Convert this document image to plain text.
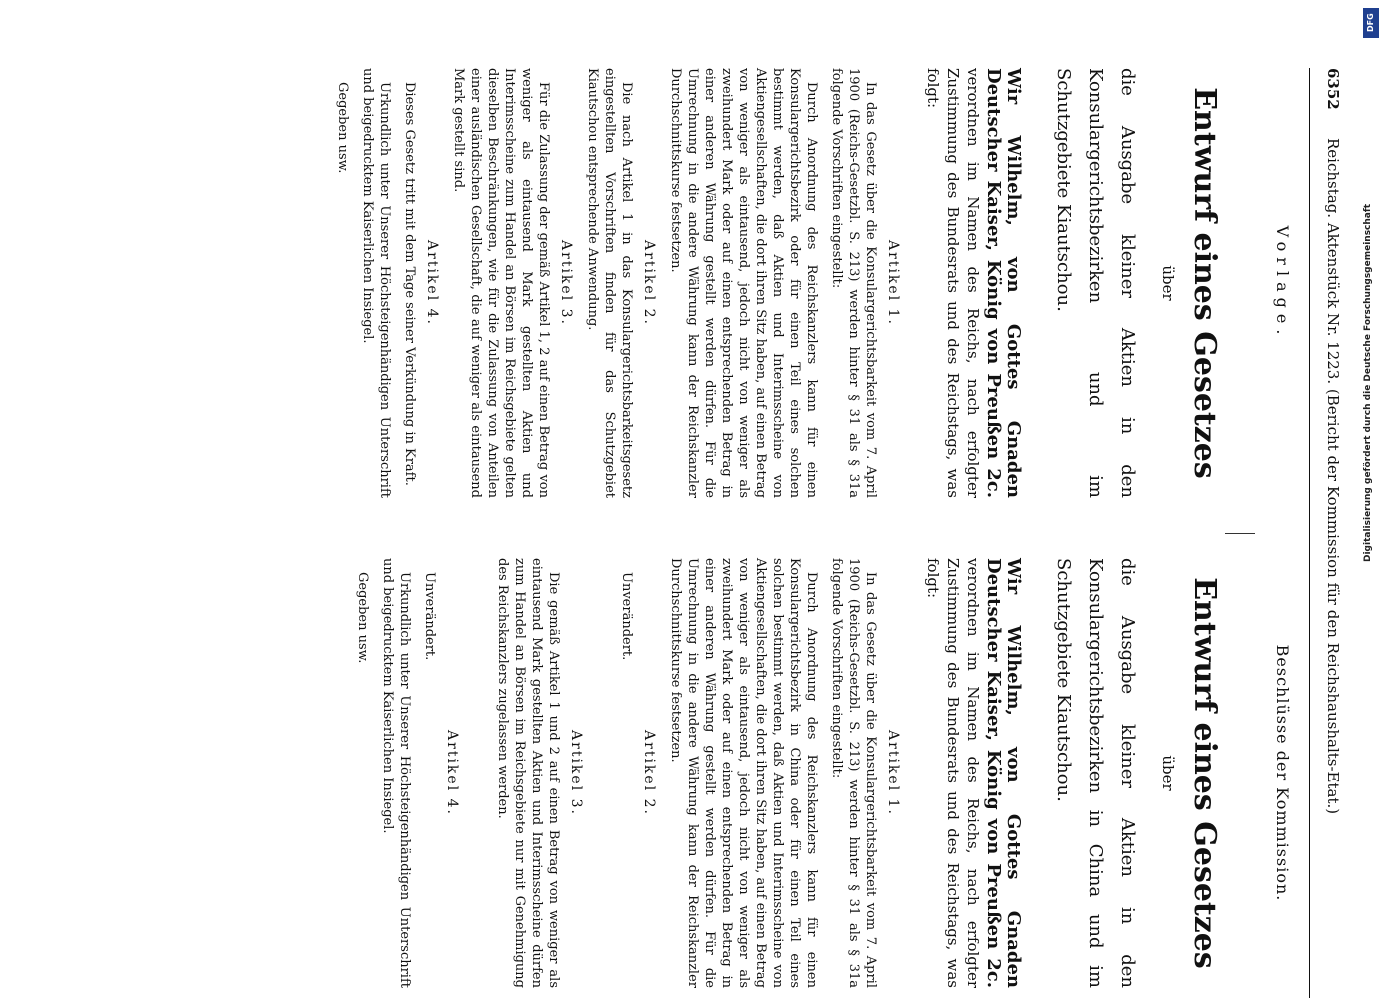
6352
Reichstag. Aktenstück Nr. 1223. (Bericht der Kommission für den Reichshaushalts-Etat.)
Vorlage.
Beschlüsse der Kommission.
Entwurf eines Gesetzes
über
die Ausgabe kleiner Aktien in den Konsulargerichtsbezirken und im Schutzgebiete Kiautschou.
Wir Wilhelm, von Gottes Gnaden Deutscher Kaiser, König von Preußen 2c. verordnen im Namen des Reichs, nach erfolgter Zustimmung des Bundesrats und des Reichstags, was folgt:
Artikel 1.
In das Gesetz über die Konsulargerichtsbarkeit vom 7. April 1900 (Reichs-Gesetzbl. S. 213) werden hinter § 31 als § 31a folgende Vorschriften eingestellt:
Durch Anordnung des Reichskanzlers kann für einen Konsulargerichtsbezirk oder für einen Teil eines solchen bestimmt werden, daß Aktien und Interimsscheine von Aktiengesellschaften, die dort ihren Sitz haben, auf einen Betrag von weniger als eintausend, jedoch nicht von weniger als zweihundert Mark oder auf einen entsprechenden Betrag in einer anderen Währung gestellt werden dürfen. Für die Umrechnung in die andere Währung kann der Reichskanzler Durchschnittskurse festsetzen.
Artikel 2.
Die nach Artikel 1 in das Konsulargerichtsbarkeitsgesetz eingestellten Vorschriften finden für das Schutzgebiet Kiautschou entsprechende Anwendung.
Artikel 3.
Für die Zulassung der gemäß Artikel 1, 2 auf einen Betrag von weniger als eintausend Mark gestellten Aktien und Interimsscheine zum Handel an Börsen im Reichsgebiete gelten dieselben Beschränkungen, wie für die Zulassung von Anteilen einer ausländischen Gesellschaft, die auf weniger als eintausend Mark gestellt sind.
Artikel 4.
Dieses Gesetz tritt mit dem Tage seiner Verkündung in Kraft.
Urkundlich unter Unserer Höchsteigenhändigen Unterschrift und beigedrucktem Kaiserlichen Insiegel.
Gegeben usw.
Entwurf eines Gesetzes
über
die Ausgabe kleiner Aktien in den Konsulargerichtsbezirken in China und im Schutzgebiete Kiautschou.
Wir Wilhelm, von Gottes Gnaden Deutscher Kaiser, König von Preußen 2c. verordnen im Namen des Reichs, nach erfolgter Zustimmung des Bundesrats und des Reichstags, was folgt:
Artikel 1.
In das Gesetz über die Konsulargerichtsbarkeit vom 7. April 1900 (Reichs-Gesetzbl. S. 213) werden hinter § 31 als § 31a folgende Vorschriften eingestellt:
Durch Anordnung des Reichskanzlers kann für einen Konsulargerichtsbezirk in China oder für einen Teil eines solchen bestimmt werden, daß Aktien und Interimsscheine von Aktiengesellschaften, die dort ihren Sitz haben, auf einen Betrag von weniger als eintausend, jedoch nicht von weniger als zweihundert Mark oder auf einen entsprechenden Betrag in einer anderen Währung gestellt werden dürfen. Für die Umrechnung in die andere Währung kann der Reichskanzler Durchschnittskurse festsetzen.
Artikel 2.
Unverändert.
Artikel 3.
Die gemäß Artikel 1 und 2 auf einen Betrag von weniger als eintausend Mark gestellten Aktien und Interimsscheine dürfen zum Handel an Börsen im Reichsgebiete nur mit Genehmigung des Reichskanzlers zugelassen werden.
Artikel 4.
Unverändert.
Urkundlich unter Unserer Höchsteigenhändigen Unterschrift und beigedrucktem Kaiserlichen Insiegel.
Gegeben usw.
DFG
Digitalisierung gefördert durch die Deutsche Forschungsgemeinschaft
